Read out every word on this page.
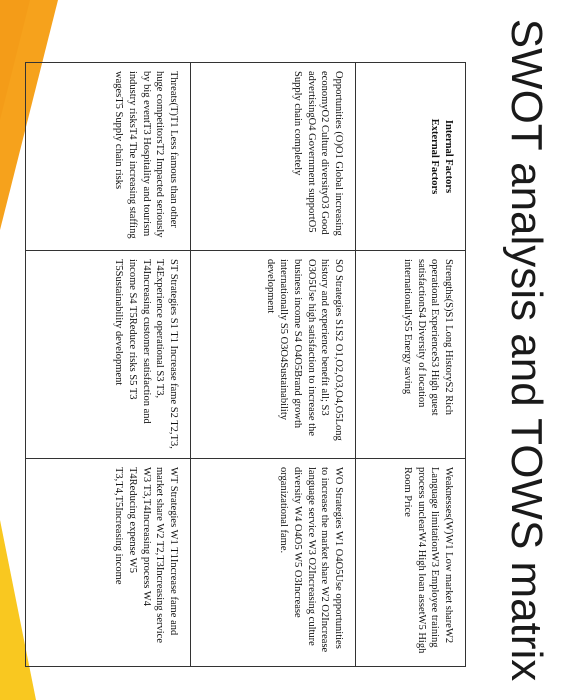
SWOT analysis and TOWS matrix
Internal Factors
External Factors	Strengths(S)S1 Long HistoryS2 Rich operational ExperienceS3 High guest satisfactionS4 Diversity of location internationallyS5 Energy saving	Weaknesses(W)W1 Low market shareW2 Language limitationW3 Employee training process unclearW4 High loan assetW5 High Room Price
Opportunities (O)O1 Global increasing economyO2 Culture diversityO3 Good advertisingO4 Government supportO5 Supply chain completely	SO Strategies S1S2 O1,O2,O3,O4,O5Long history and experience benefit all; S3 O3O5Use high satisfaction to increase the business income S4 O4O5Brand growth internationally S5 O3O4Sustainability development	WO Strategies W1 O4O5Use opportunities to increase the market share W2 O2Increase language service W3 O2Increasing culture diversity W4 O4O5 W5 O3Increase organizational fame.
Threats(T)T1 Less famous than other huge competitorsT2 Impacted seriously by big eventT3 Hospitality and tourism industry risksT4 The increasing staffing wagesT5 Supply chain risks	ST Strategies S1 T1 Increase fame S2 T2,T3, T4Experience operational S3 T3, T4Increasing customer satisfaction and income S4 T5Reduce risks S5 T3 T5Sustainability development	WT Strategies W1 T1Increase fame and market share W2 T2,T3Increasing service W3 T3,T4Increasing process W4 T4Reducing expense W5 T3,T4,T5Increasing income
